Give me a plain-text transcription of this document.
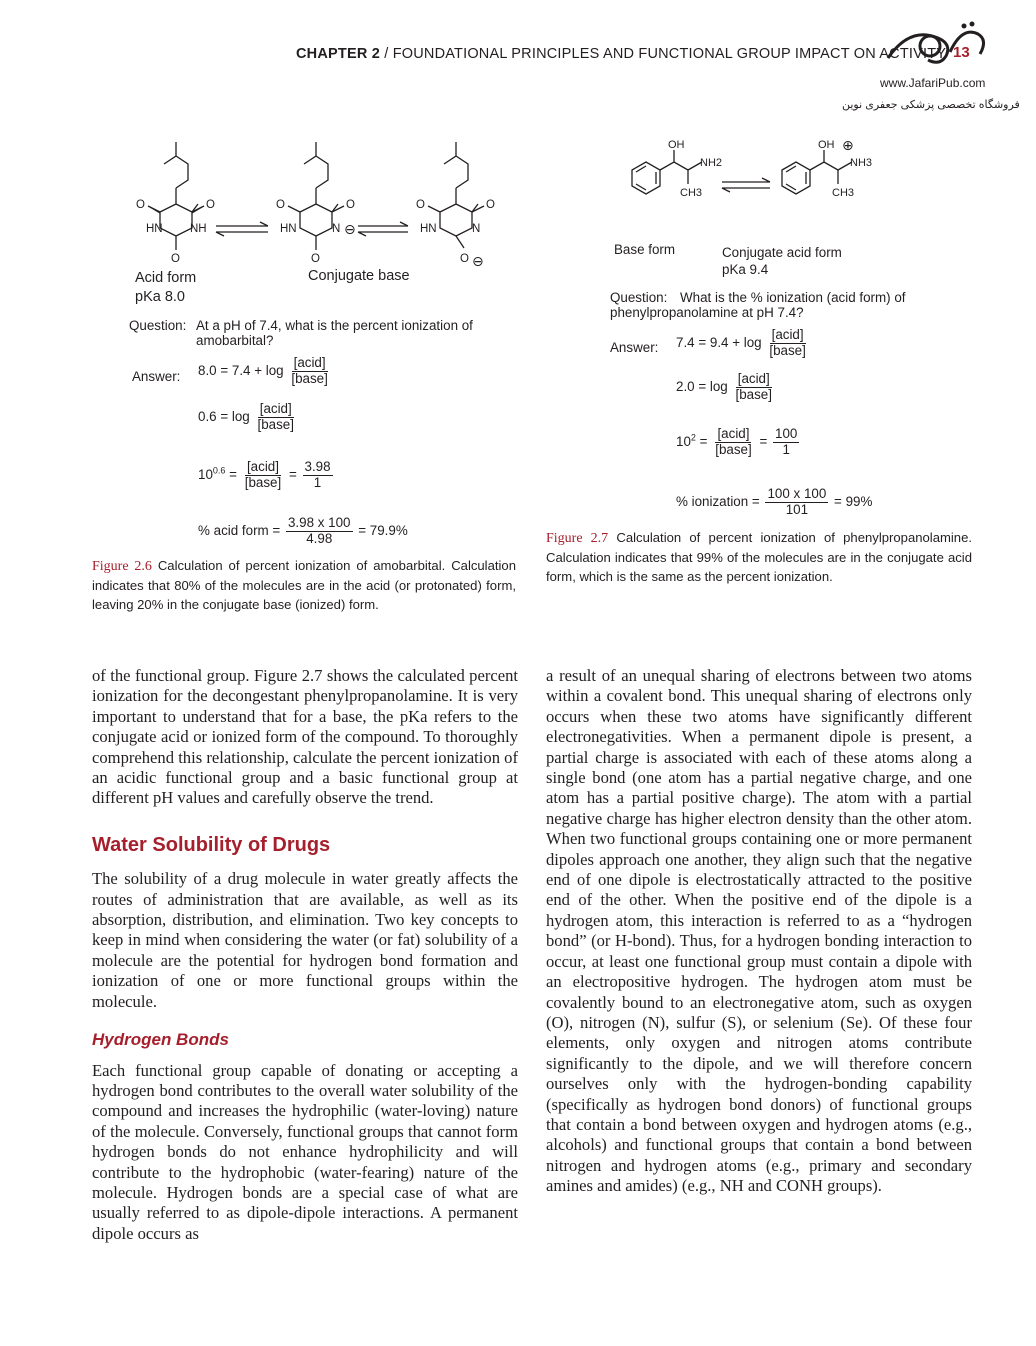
CHAPTER 2 / FOUNDATIONAL PRINCIPLES AND FUNCTIONAL GROUP IMPACT ON ACTIVITY 13
www.JafariPub.com
فروشگاه تخصصی پزشکی جعفری نوین
O	O
HN NH
O
O	O
HN	N ⊖
O
O	O
HN	N
O ⊖
Acid form
pKa 8.0
Conjugate base
Question: At a pH of 7.4, what is the percent ionization of amobarbital?
Answer: $8.0 = 7.4 + \log \frac{\text{[acid]}}{\text{[base]}}$
$0.6 = \log \frac{\text{[acid]}}{\text{[base]}}$
$10^{0.6} = \frac{\text{[acid]}}{\text{[base]}} = \frac{3.98}{1}$
% acid form = $\frac{3.98 x 100}{4.98} = 79.9\%$
Figure 2.6 Calculation of percent ionization of amobarbital. Calculation indicates that 80% of the molecules are in the acid (or protonated) form, leaving 20% in the conjugate base (ionized) form.
OH
NH2
CH3
OH ⊕
NH3
CH3
Base form	Conjugate acid form
pKa 9.4
Question: What is the % ionization (acid form) of phenylpropanolamine at pH 7.4?
Answer: $7.4 = 9.4 + \log \frac{\text{[acid]}}{\text{[base]}}$
$2.0 = \log \frac{\text{[acid]}}{\text{[base]}}$
$10^2 = \frac{\text{[acid]}}{\text{[base]}} = \frac{100}{1}$
% ionization = $\frac{100 x 100}{101} = 99\%$
Figure 2.7 Calculation of percent ionization of phenylpropanolamine. Calculation indicates that 99% of the molecules are in the conjugate acid form, which is the same as the percent ionization.

of the functional group. Figure 2.7 shows the calculated percent ionization for the decongestant phenylpropanolamine. It is very important to understand that for a base, the pKa refers to the conjugate acid or ionized form of the compound. To thoroughly comprehend this relationship, calculate the percent ionization of an acidic functional group and a basic functional group at different pH values and carefully observe the trend.

Water Solubility of Drugs

The solubility of a drug molecule in water greatly affects the routes of administration that are available, as well as its absorption, distribution, and elimination. Two key concepts to keep in mind when considering the water (or fat) solubility of a molecule are the potential for hydrogen bond formation and ionization of one or more functional groups within the molecule.

Hydrogen Bonds

Each functional group capable of donating or accepting a hydrogen bond contributes to the overall water solubility of the compound and increases the hydrophilic (water-loving) nature of the molecule. Conversely, functional groups that cannot form hydrogen bonds do not enhance hydrophilicity and will contribute to the hydrophobic (water-fearing) nature of the molecule. Hydrogen bonds are a special case of what are usually referred to as dipole-dipole interactions. A permanent dipole occurs as

a result of an unequal sharing of electrons between two atoms within a covalent bond. This unequal sharing of electrons only occurs when these two atoms have significantly different electronegativities. When a permanent dipole is present, a partial charge is associated with each of these atoms along a single bond (one atom has a partial negative charge, and one atom has a partial positive charge). The atom with a partial negative charge has higher electron density than the other atom. When two functional groups containing one or more permanent dipoles approach one another, they align such that the negative end of one dipole is electrostatically attracted to the positive end of the other. When the positive end of the dipole is a hydrogen atom, this interaction is referred to as a “hydrogen bond” (or H-bond). Thus, for a hydrogen bonding interaction to occur, at least one functional group must contain a dipole with an electropositive hydrogen. The hydrogen atom must be covalently bound to an electronegative atom, such as oxygen (O), nitrogen (N), sulfur (S), or selenium (Se). Of these four elements, only oxygen and nitrogen atoms contribute significantly to the dipole, and we will therefore concern ourselves only with the hydrogen-bonding capability (specifically as hydrogen bond donors) of functional groups that contain a bond between oxygen and hydrogen atoms (e.g., alcohols) and functional groups that contain a bond between nitrogen and hydrogen atoms (e.g., primary and secondary amines and amides) (e.g., NH and CONH groups).
